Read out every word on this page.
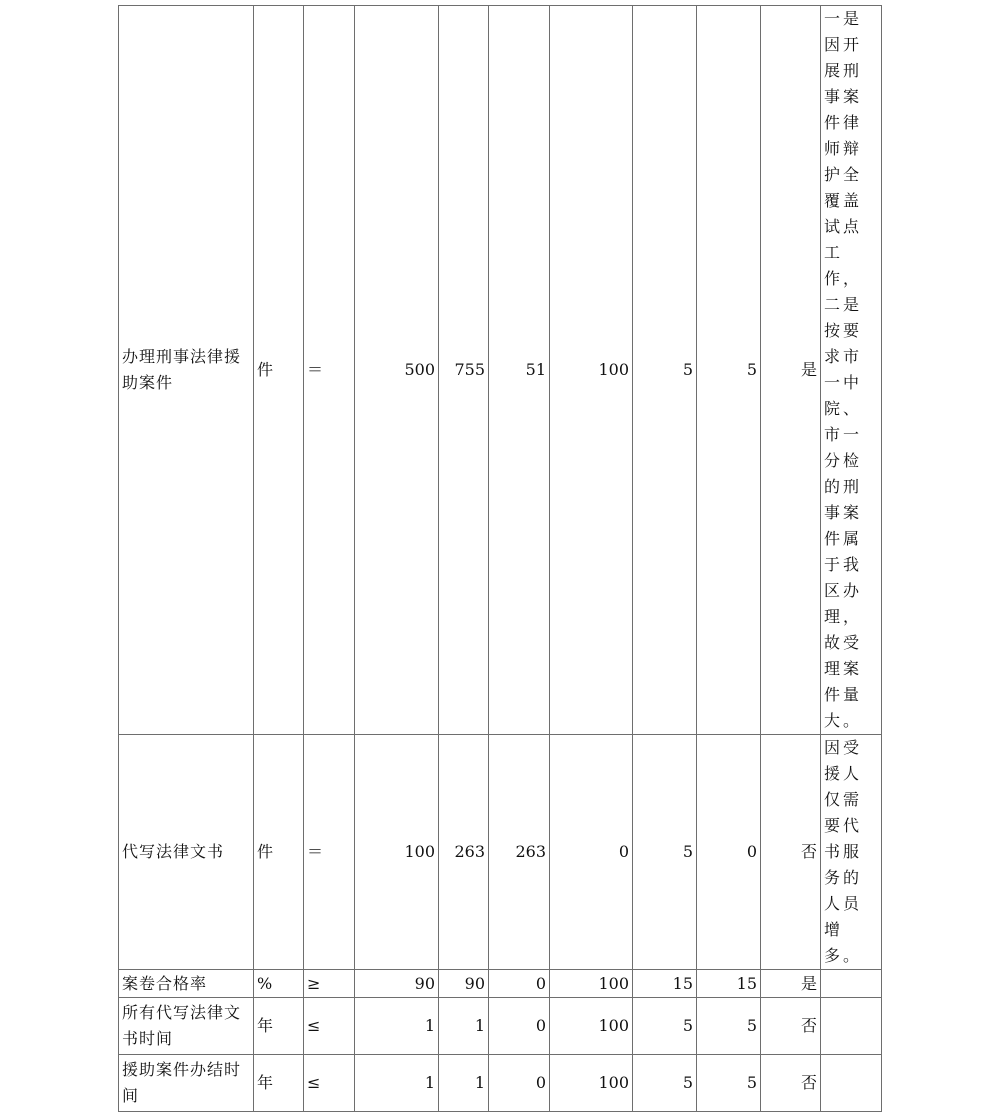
办理刑事法律援助案件	件	＝	500	755	51	100	5	5	是	一是因开展刑事案件律师辩护全覆盖试点工作，二是按要求市一中院、市一分检的刑事案件属于我区办理，故受理案件量大。
代写法律文书	件	＝	100	263	263	0	5	0	否	因受援人仅需要代书服务的人员增多。
案卷合格率	%	≥	90	90	0	100	15	15	是	
所有代写法律文书时间	年	≤	1	1	0	100	5	5	否	
援助案件办结时间	年	≤	1	1	0	100	5	5	否	
